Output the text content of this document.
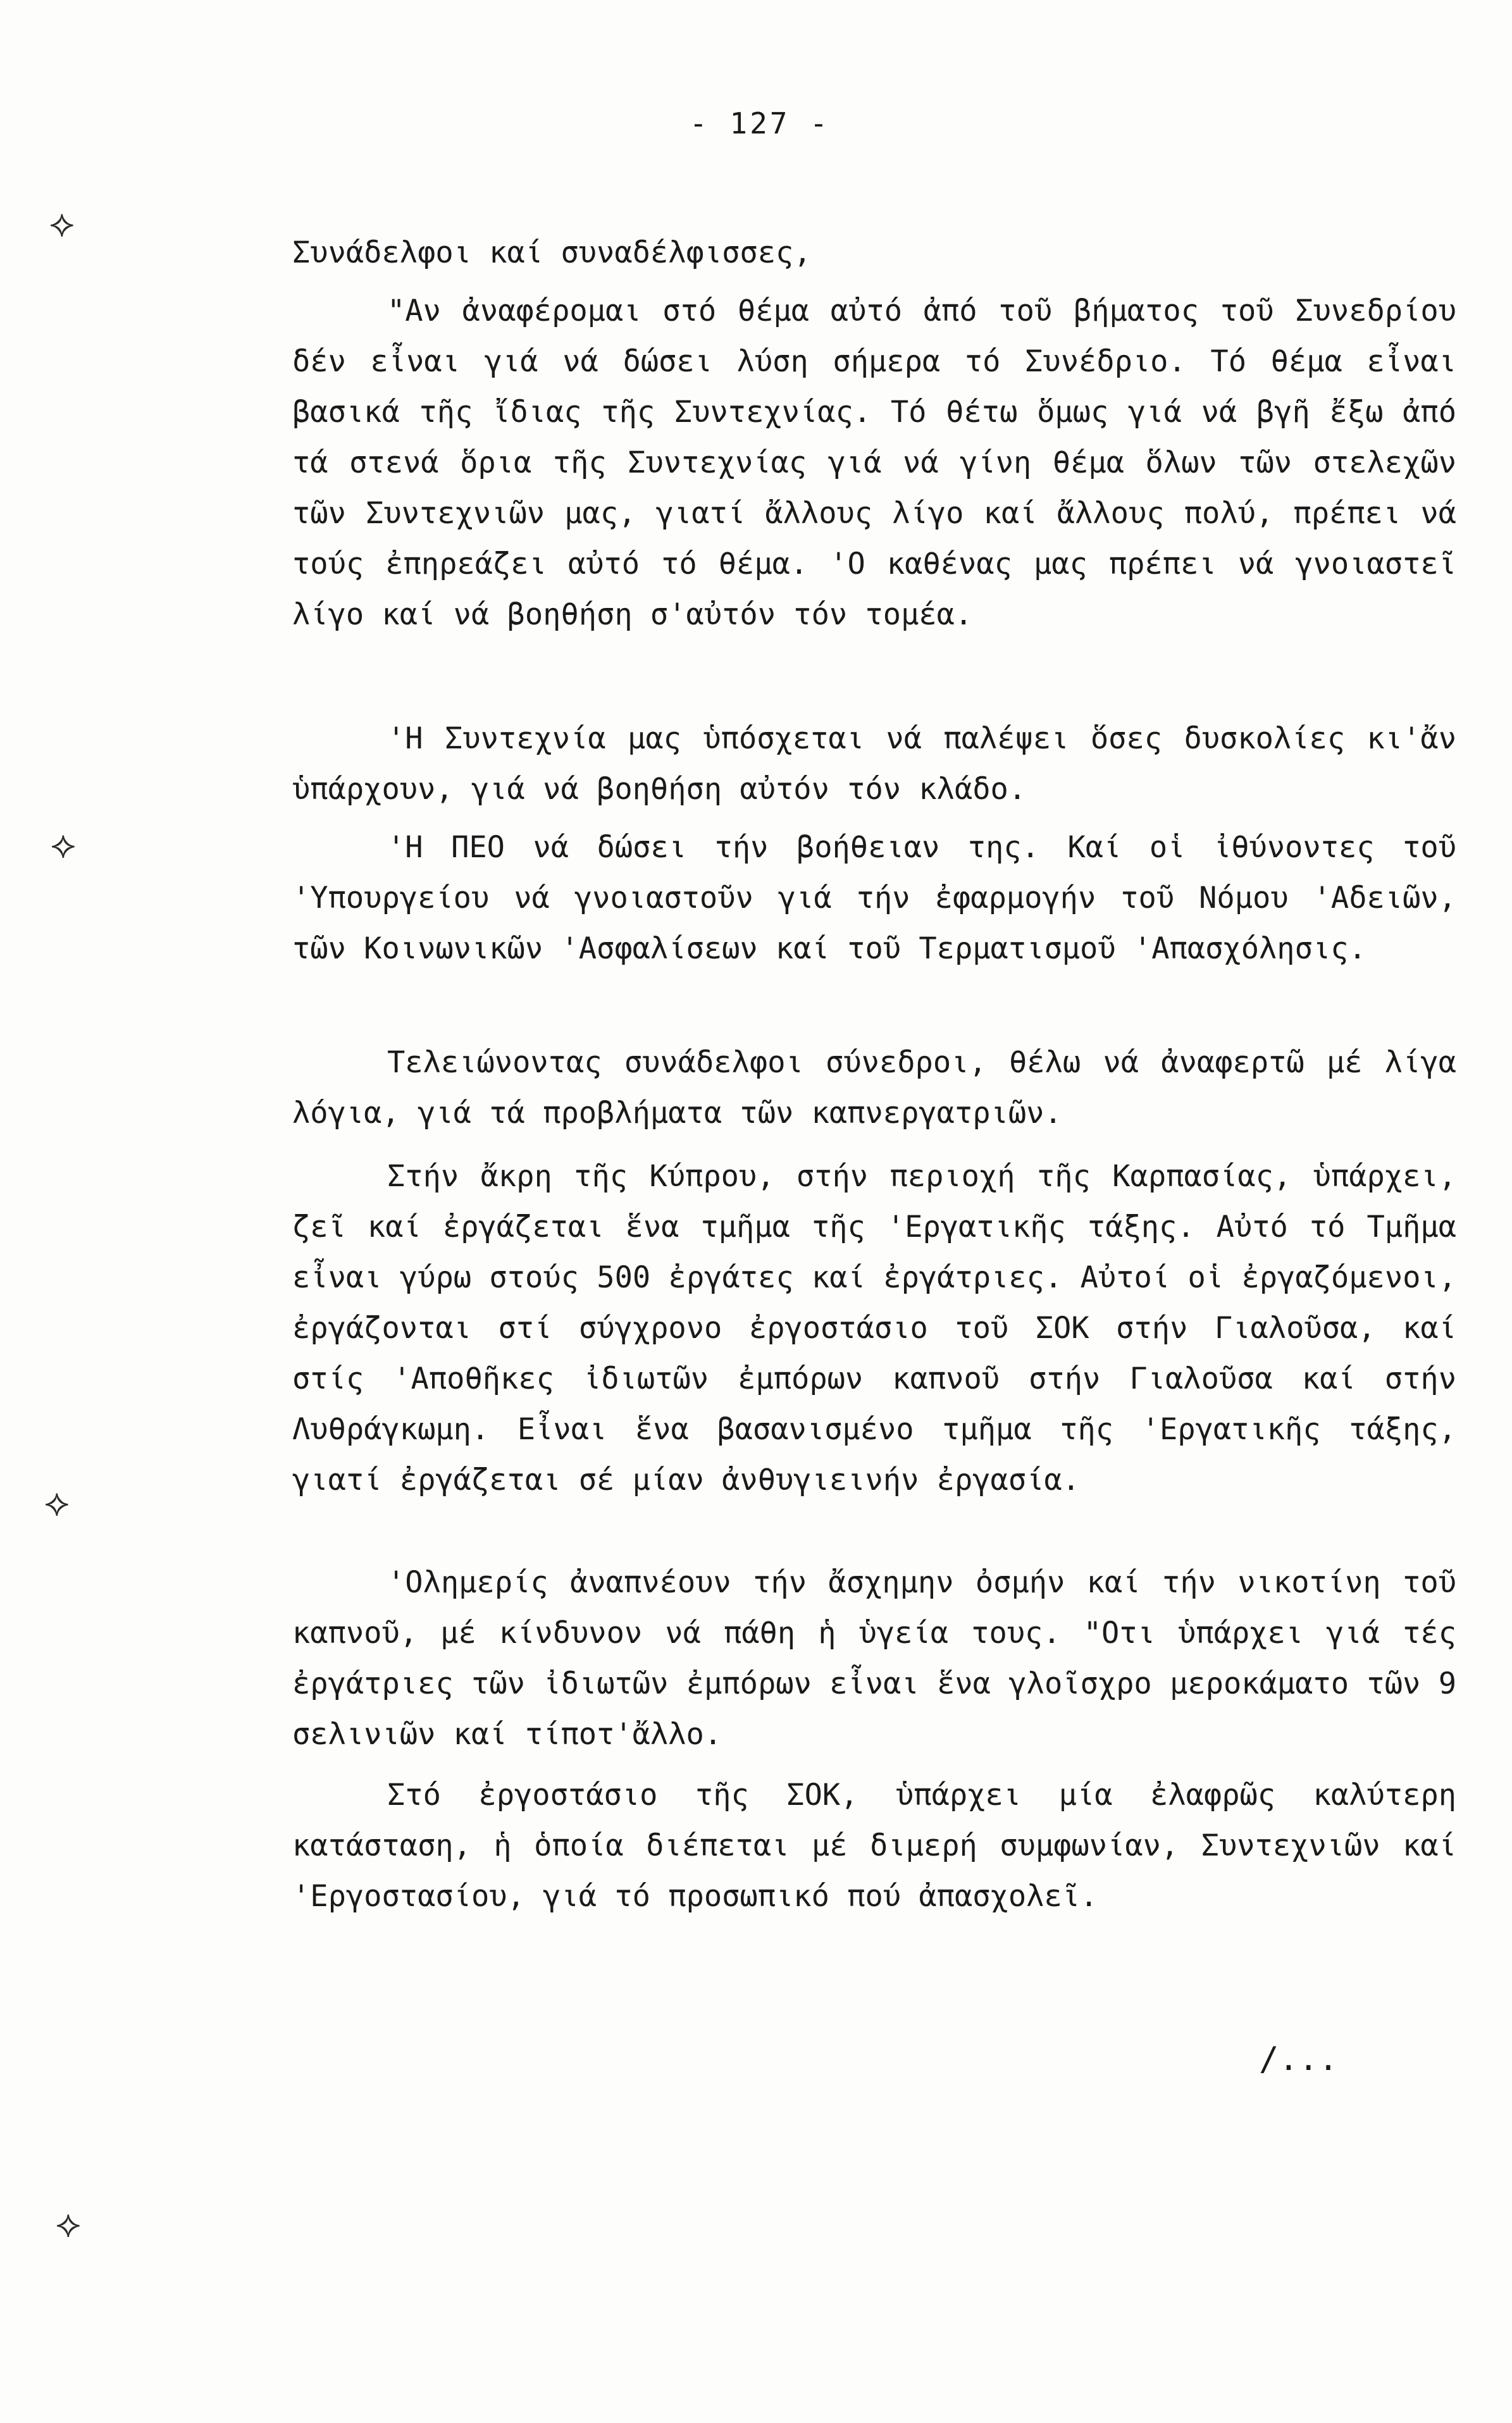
⟡
⟡
⟡
⟡
- 127 -
Συνάδελφοι καί συναδέλφισσες,
"Αν ἀναφέρομαι στό θέμα αὐτό ἀπό τοῦ βήματος τοῦ Συνεδρίου δέν εἶναι γιά νά δώσει λύση σήμερα τό Συνέδριο. Τό θέμα εἶναι βασικά τῆς ἴδιας τῆς Συντεχνίας. Τό θέτω ὅμως γιά νά βγῆ ἔξω ἀπό τά στενά ὅρια τῆς Συντεχνίας γιά νά γίνη θέμα ὅλων τῶν στελεχῶν τῶν Συντεχνιῶν μας, γιατί ἄλλους λίγο καί ἄλλους πολύ, πρέπει νά τούς ἐπηρεάζει αὐτό τό θέμα. 'Ο καθένας μας πρέπει νά γνοιαστεῖ λίγο καί νά βοηθήση σ'αὐτόν τόν τομέα.
'Η Συντεχνία μας ὑπόσχεται νά παλέψει ὅσες δυσκολίες κι'ἄν ὑπάρχουν, γιά νά βοηθήση αὐτόν τόν κλάδο.
'Η ΠΕΟ νά δώσει τήν βοήθειαν της. Καί οἱ ἰθύνοντες τοῦ 'Υπουργείου νά γνοιαστοῦν γιά τήν ἐφαρμογήν τοῦ Νόμου 'Αδειῶν, τῶν Κοινωνικῶν 'Ασφαλίσεων καί τοῦ Τερματισμοῦ 'Απασχόλησις.
Τελειώνοντας συνάδελφοι σύνεδροι, θέλω νά ἀναφερτῶ μέ λίγα λόγια, γιά τά προβλήματα τῶν καπνεργατριῶν.
Στήν ἄκρη τῆς Κύπρου, στήν περιοχή τῆς Καρπασίας, ὑπάρχει, ζεῖ καί ἐργάζεται ἕνα τμῆμα τῆς 'Εργατικῆς τάξης. Αὐτό τό Τμῆμα εἶναι γύρω στούς 500 ἐργάτες καί ἐργάτριες. Αὐτοί οἱ ἐργαζόμενοι, ἐργάζονται στί σύγχρονο ἐργοστάσιο τοῦ ΣΟΚ στήν Γιαλοῦσα, καί στίς 'Αποθῆκες ἰδιωτῶν ἐμπόρων καπνοῦ στήν Γιαλοῦσα καί στήν Λυθράγκωμη. Εἶναι ἕνα βασανισμένο τμῆμα τῆς 'Εργατικῆς τάξης, γιατί ἐργάζεται σέ μίαν ἀνθυγιεινήν ἐργασία.
'Ολημερίς ἀναπνέουν τήν ἄσχημην ὀσμήν καί τήν νικοτίνη τοῦ καπνοῦ, μέ κίνδυνον νά πάθη ἡ ὑγεία τους. "Οτι ὑπάρχει γιά τές ἐργάτριες τῶν ἰδιωτῶν ἐμπόρων εἶναι ἕνα γλοῖσχρο μεροκάματο τῶν 9 σελινιῶν καί τίποτ'ἄλλο.
Στό ἐργοστάσιο τῆς ΣΟΚ, ὑπάρχει μία ἐλαφρῶς καλύτερη κατάσταση, ἡ ὁποία διέπεται μέ διμερή συμφωνίαν, Συντεχνιῶν καί 'Εργοστασίου, γιά τό προσωπικό πού ἀπασχολεῖ.
/...
